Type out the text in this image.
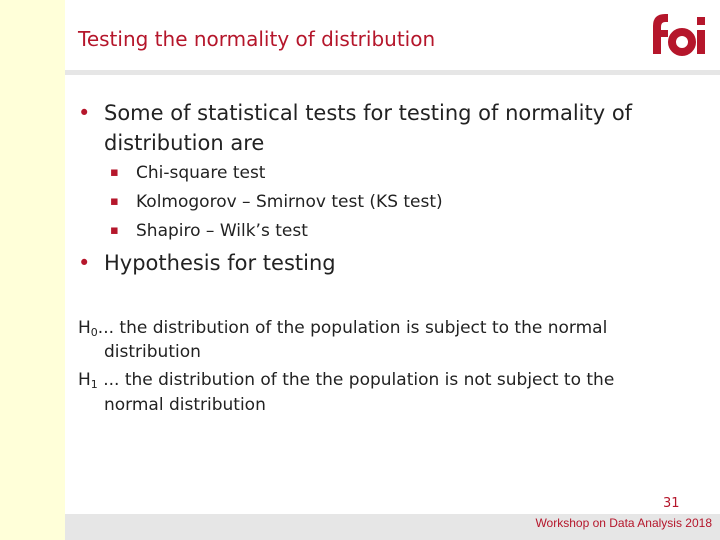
Testing the normality of distribution
• Some of statistical tests for testing of normality of
distribution are
▪ Chi-square test
▪ Kolmogorov – Smirnov test (KS test)
▪ Shapiro – Wilk’s test
• Hypothesis for testing
$H_0$... the distribution of the population is subject to the normal
distribution
$H_1$ ... the distribution of the the population is not subject to the
normal distribution
31
Workshop on Data Analysis 2018
